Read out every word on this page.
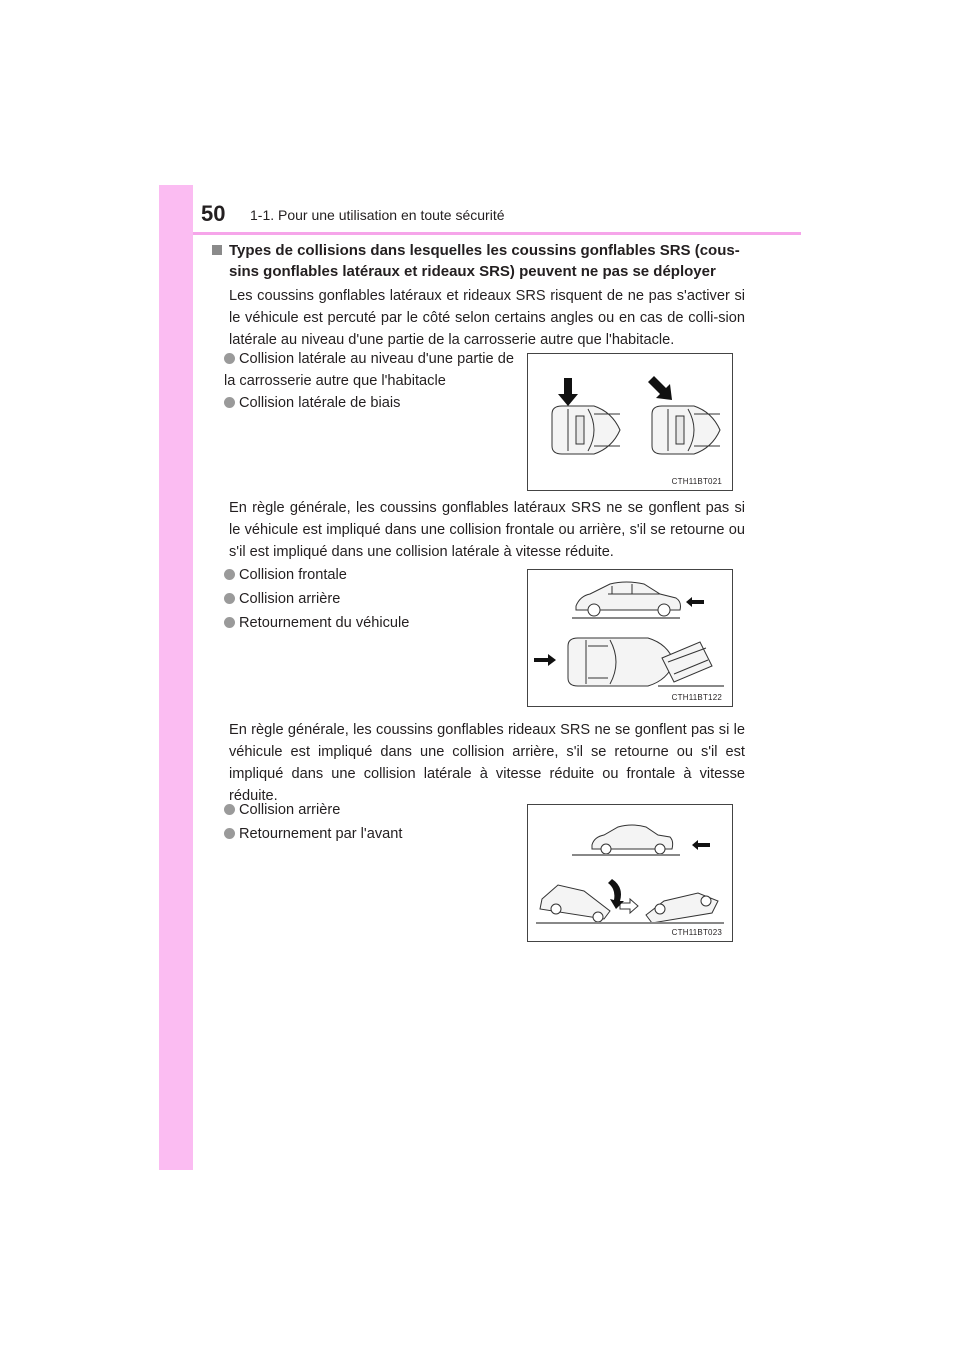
50 1-1. Pour une utilisation en toute sécurité
Types de collisions dans lesquelles les coussins gonflables SRS (cous-
sins gonflables latéraux et rideaux SRS) peuvent ne pas se déployer
Les coussins gonflables latéraux et rideaux SRS risquent de ne pas s'activer si le véhicule est percuté par le côté selon certains angles ou en cas de colli-sion latérale au niveau d'une partie de la carrosserie autre que l'habitacle.
Collision latérale au niveau d'une partie de la carrosserie autre que l'habitacle
Collision latérale de biais
CTH11BT021
En règle générale, les coussins gonflables latéraux SRS ne se gonflent pas si le véhicule est impliqué dans une collision frontale ou arrière, s'il se retourne ou s'il est impliqué dans une collision latérale à vitesse réduite.
Collision frontale
Collision arrière
Retournement du véhicule
CTH11BT122
En règle générale, les coussins gonflables rideaux SRS ne se gonflent pas si le véhicule est impliqué dans une collision arrière, s'il se retourne ou s'il est impliqué dans une collision latérale à vitesse réduite ou frontale à vitesse réduite.
Collision arrière
Retournement par l'avant
CTH11BT023
